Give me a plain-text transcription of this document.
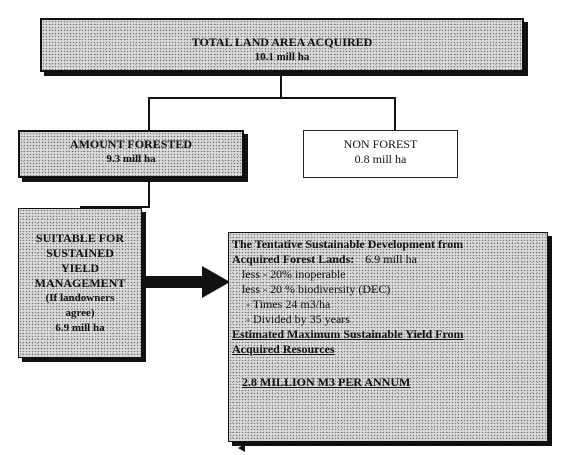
TOTAL LAND AREA ACQUIRED
10.1 mill ha
AMOUNT FORESTED
9.3 mill ha
NON FOREST
0.8 mill ha
SUITABLE FOR
SUSTAINED
YIELD
MANAGEMENT
(If landowners
agree)
6.9 mill ha
The Tentative Sustainable Development from
Acquired Forest Lands: 6.9 mill ha
less - 20% inoperable
less - 20 % biodiversity (DEC)
- Times 24 m3/ha
- Divided by 35 years
Estimated Maximum Sustainable Yield From
Acquired Resources
2.8 MILLION M3 PER ANNUM
